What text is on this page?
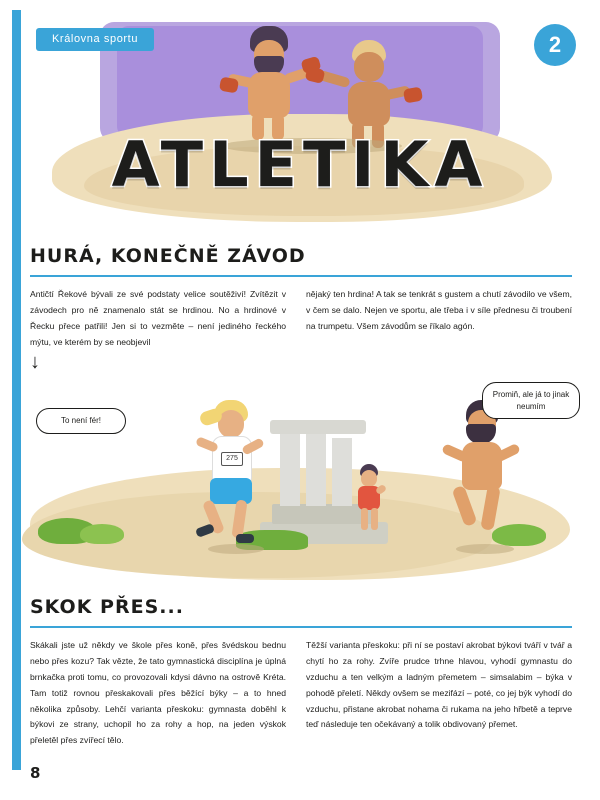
Královna sportu	2
ATLETIKA
HURÁ, KONEČNĚ ZÁVOD
Antičtí Řekové bývali ze své podstaty velice soutěživí! Zvítězit v závodech pro ně znamenalo stát se hrdinou. No a hrdinové v Řecku přece patřili! Jen si to vezměte – není jediného řeckého mýtu, ve kterém by se neobjevil
nějaký ten hrdina! A tak se tenkrát s gustem a chutí závodilo ve všem, v čem se dalo. Nejen ve sportu, ale třeba i v síle přednesu či troubení na trumpetu. Všem závodům se říkalo agón.
↓
275
To není fér!
Promiň, ale já to jinak neumím
SKOK PŘES...
Skákali jste už někdy ve škole přes koně, přes švédskou bednu nebo přes kozu? Tak vězte, že tato gymnastická disciplína je úplná brnkačka proti tomu, co provozovali kdysi dávno na ostrově Kréta. Tam totiž rovnou přeskakovali přes běžící býky – a to hned několika způsoby. Lehčí varianta přeskoku: gymnasta doběhl k býkovi ze strany, uchopil ho za rohy a hop, na jeden výskok přeletěl přes zvířecí tělo.
Těžší varianta přeskoku: při ní se postaví akrobat býkovi tváří v tvář a chytí ho za rohy. Zvíře prudce trhne hlavou, vyhodí gymnastu do vzduchu a ten velkým a ladným přemetem – simsalabim – býka v pohodě přeletí. Někdy ovšem se mezifází – poté, co jej býk vyhodí do vzduchu, přistane akrobat nohama či rukama na jeho hřbetě a teprve teď následuje ten očekávaný a tolik obdivovaný přemet.
8
